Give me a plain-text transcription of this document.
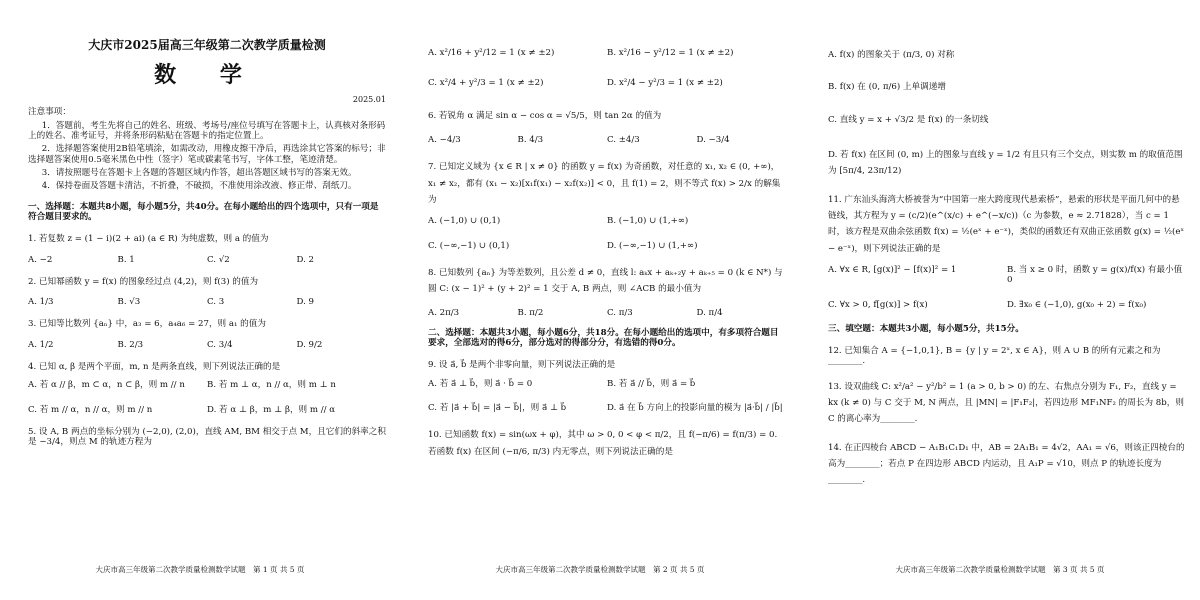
大庆市2025届高三年级第二次教学质量检测
数 学
2025.01
注意事项：
1．答题前，考生先将自己的姓名、班级、考场号/座位号填写在答题卡上，认真核对条形码上的姓名、准考证号，并将条形码粘贴在答题卡的指定位置上。
2．选择题答案使用2B铅笔填涂，如需改动，用橡皮擦干净后，再选涂其它答案的标号；非选择题答案使用0.5毫米黑色中性（签字）笔或碳素笔书写，字体工整，笔迹清楚。
3．请按照题号在答题卡上各题的答题区域内作答，超出答题区域书写的答案无效。
4．保持卷面及答题卡清洁，不折叠，不破损，不准使用涂改液、修正带、刮纸刀。
一、选择题：本题共8小题，每小题5分，共40分。在每小题给出的四个选项中，只有一项是符合题目要求的。
1. 若复数 z = (1 − i)(2 + ai) (a ∈ R) 为纯虚数，则 a 的值为
A. −2	B. 1	C. √2	D. 2
2. 已知幂函数 y = f(x) 的图象经过点 (4,2)，则 f(3) 的值为
A. 1/3	B. √3	C. 3	D. 9
3. 已知等比数列 {aₙ} 中，a₃ = 6，a₄a₆ = 27，则 a₁ 的值为
A. 1/2	B. 2/3	C. 3/4	D. 9/2
4. 已知 α, β 是两个平面，m, n 是两条直线，则下列说法正确的是
A. 若 α // β，m ⊂ α，n ⊂ β，则 m // n	B. 若 m ⊥ α，n // α，则 m ⊥ n
C. 若 m // α，n // α，则 m // n	D. 若 α ⊥ β，m ⊥ β，则 m // α
5. 设 A, B 两点的坐标分别为 (−2,0), (2,0)，直线 AM, BM 相交于点 M，且它们的斜率之积是 −3/4，则点 M 的轨迹方程为
大庆市高三年级第二次教学质量检测数学试题　第 1 页 共 5 页
A. x²/16 + y²/12 = 1 (x ≠ ±2)	B. x²/16 − y²/12 = 1 (x ≠ ±2)
C. x²/4 + y²/3 = 1 (x ≠ ±2)	D. x²/4 − y²/3 = 1 (x ≠ ±2)
6. 若锐角 α 满足 sin α − cos α = √5/5，则 tan 2α 的值为
A. −4/3	B. 4/3	C. ±4/3	D. −3/4
7. 已知定义域为 {x ∈ R | x ≠ 0} 的函数 y = f(x) 为奇函数，对任意的 x₁, x₂ ∈ (0, +∞)，x₁ ≠ x₂，都有 (x₁ − x₂)[x₁f(x₁) − x₂f(x₂)] < 0，且 f(1) = 2，则不等式 f(x) > 2/x 的解集为
A. (−1,0) ∪ (0,1)	B. (−1,0) ∪ (1,+∞)
C. (−∞,−1) ∪ (0,1)	D. (−∞,−1) ∪ (1,+∞)
8. 已知数列 {aₙ} 为等差数列，且公差 d ≠ 0，直线 l: aₖx + aₖ₊₂y + aₖ₊₅ = 0 (k ∈ N*) 与圆 C: (x − 1)² + (y + 2)² = 1 交于 A, B 两点，则 ∠ACB 的最小值为
A. 2π/3	B. π/2	C. π/3	D. π/4
二、选择题：本题共3小题，每小题6分，共18分。在每小题给出的选项中，有多项符合题目要求，全部选对的得6分，部分选对的得部分分，有选错的得0分。
9. 设 a⃗, b⃗ 是两个非零向量，则下列说法正确的是
A. 若 a⃗ ⊥ b⃗，则 a⃗ · b⃗ = 0	B. 若 a⃗ // b⃗，则 a⃗ = b⃗
C. 若 |a⃗ + b⃗| = |a⃗ − b⃗|，则 a⃗ ⊥ b⃗	D. a⃗ 在 b⃗ 方向上的投影向量的模为 |a⃗·b⃗| / |b⃗|
10. 已知函数 f(x) = sin(ωx + φ)，其中 ω > 0, 0 < φ < π/2，且 f(−π/6) = f(π/3) = 0. 若函数 f(x) 在区间 (−π/6, π/3) 内无零点，则下列说法正确的是
大庆市高三年级第二次教学质量检测数学试题　第 2 页 共 5 页
A. f(x) 的图象关于 (π/3, 0) 对称
B. f(x) 在 (0, π/6) 上单调递增
C. 直线 y = x + √3/2 是 f(x) 的一条切线
D. 若 f(x) 在区间 (0, m) 上的图象与直线 y = 1/2 有且只有三个交点，则实数 m 的取值范围为 [5π/4, 23π/12)
11. 广东汕头海湾大桥被誉为“中国第一座大跨度现代悬索桥”，悬索的形状是平面几何中的悬链线，其方程为 y = (c/2)(e^(x/c) + e^(−x/c))（c 为参数，e ≈ 2.71828），当 c = 1 时，该方程是双曲余弦函数 f(x) = ½(eˣ + e⁻ˣ)，类似的函数还有双曲正弦函数 g(x) = ½(eˣ − e⁻ˣ)，则下列说法正确的是
A. ∀x ∈ R, [g(x)]² − [f(x)]² = 1	B. 当 x ≥ 0 时，函数 y = g(x)/f(x) 有最小值 0
C. ∀x > 0, f[g(x)] > f(x)	D. ∃x₀ ∈ (−1,0), g(x₀ + 2) = f(x₀)
三、填空题：本题共3小题，每小题5分，共15分。
12. 已知集合 A = {−1,0,1}, B = {y | y = 2ˣ, x ∈ A}，则 A ∪ B 的所有元素之和为________.
13. 设双曲线 C: x²/a² − y²/b² = 1 (a > 0, b > 0) 的左、右焦点分别为 F₁, F₂，直线 y = kx (k ≠ 0) 与 C 交于 M, N 两点，且 |MN| = |F₁F₂|，若四边形 MF₁NF₂ 的周长为 8b，则 C 的离心率为________.
14. 在正四棱台 ABCD − A₁B₁C₁D₁ 中，AB = 2A₁B₁ = 4√2，AA₁ = √6，则该正四棱台的高为________；若点 P 在四边形 ABCD 内运动，且 A₁P = √10，则点 P 的轨迹长度为________.
大庆市高三年级第二次教学质量检测数学试题　第 3 页 共 5 页
